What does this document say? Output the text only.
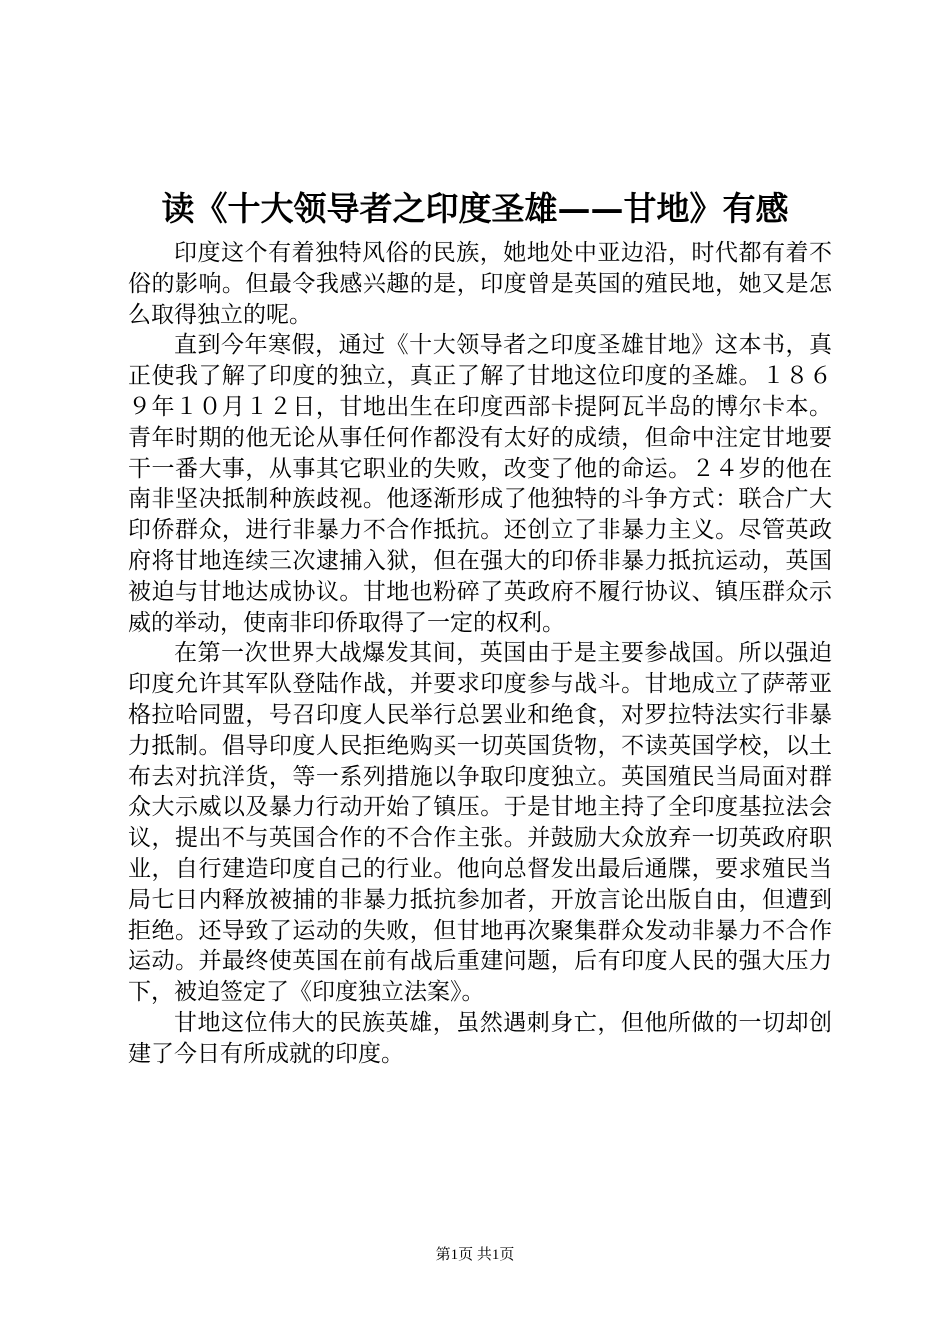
读《十大领导者之印度圣雄——甘地》有感

印度这个有着独特风俗的民族，她地处中亚边沿，时代都有着不俗的影响。但最令我感兴趣的是，印度曾是英国的殖民地，她又是怎么取得独立的呢。

直到今年寒假，通过《十大领导者之印度圣雄甘地》这本书，真正使我了解了印度的独立，真正了解了甘地这位印度的圣雄。１８６９年１０月１２日，甘地出生在印度西部卡提阿瓦半岛的博尔卡本。青年时期的他无论从事任何作都没有太好的成绩，但命中注定甘地要干一番大事，从事其它职业的失败，改变了他的命运。２４岁的他在南非坚决抵制种族歧视。他逐渐形成了他独特的斗争方式：联合广大印侨群众，进行非暴力不合作抵抗。还创立了非暴力主义。尽管英政府将甘地连续三次逮捕入狱，但在强大的印侨非暴力抵抗运动，英国被迫与甘地达成协议。甘地也粉碎了英政府不履行协议、镇压群众示威的举动，使南非印侨取得了一定的权利。

在第一次世界大战爆发其间，英国由于是主要参战国。所以强迫印度允许其军队登陆作战，并要求印度参与战斗。甘地成立了萨蒂亚格拉哈同盟，号召印度人民举行总罢业和绝食，对罗拉特法实行非暴力抵制。倡导印度人民拒绝购买一切英国货物，不读英国学校，以土布去对抗洋货，等一系列措施以争取印度独立。英国殖民当局面对群众大示威以及暴力行动开始了镇压。于是甘地主持了全印度基拉法会议，提出不与英国合作的不合作主张。并鼓励大众放弃一切英政府职业，自行建造印度自己的行业。他向总督发出最后通牒，要求殖民当局七日内释放被捕的非暴力抵抗参加者，开放言论出版自由，但遭到拒绝。还导致了运动的失败，但甘地再次聚集群众发动非暴力不合作运动。并最终使英国在前有战后重建问题，后有印度人民的强大压力下，被迫签定了《印度独立法案》。

甘地这位伟大的民族英雄，虽然遇刺身亡，但他所做的一切却创建了今日有所成就的印度。

第1页 共1页
